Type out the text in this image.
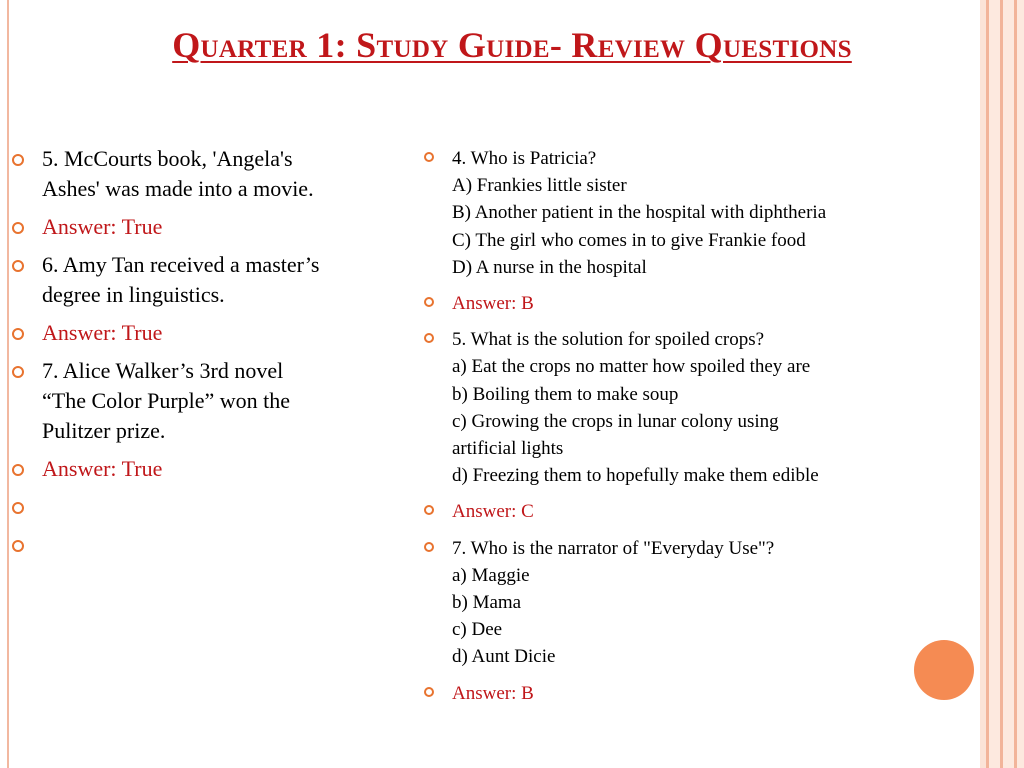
Quarter 1: Study Guide- Review Questions
5. McCourts book, 'Angela's
Ashes' was made into a movie.
Answer: True
6. Amy Tan received a master’s
degree in linguistics.
Answer: True
7. Alice Walker’s 3rd novel
“The Color Purple” won the
Pulitzer prize.
Answer: True

4. Who is Patricia?
A) Frankies little sister
B) Another patient in the hospital with diphtheria
C) The girl who comes in to give Frankie food
D) A nurse in the hospital
Answer: B
5. What is the solution for spoiled crops?
a) Eat the crops no matter how spoiled they are
b) Boiling them to make soup
c) Growing the crops in lunar colony using
artificial lights
d) Freezing them to hopefully make them edible
Answer: C
7. Who is the narrator of "Everyday Use"?
a) Maggie
b) Mama
c) Dee
d) Aunt Dicie
Answer: B
